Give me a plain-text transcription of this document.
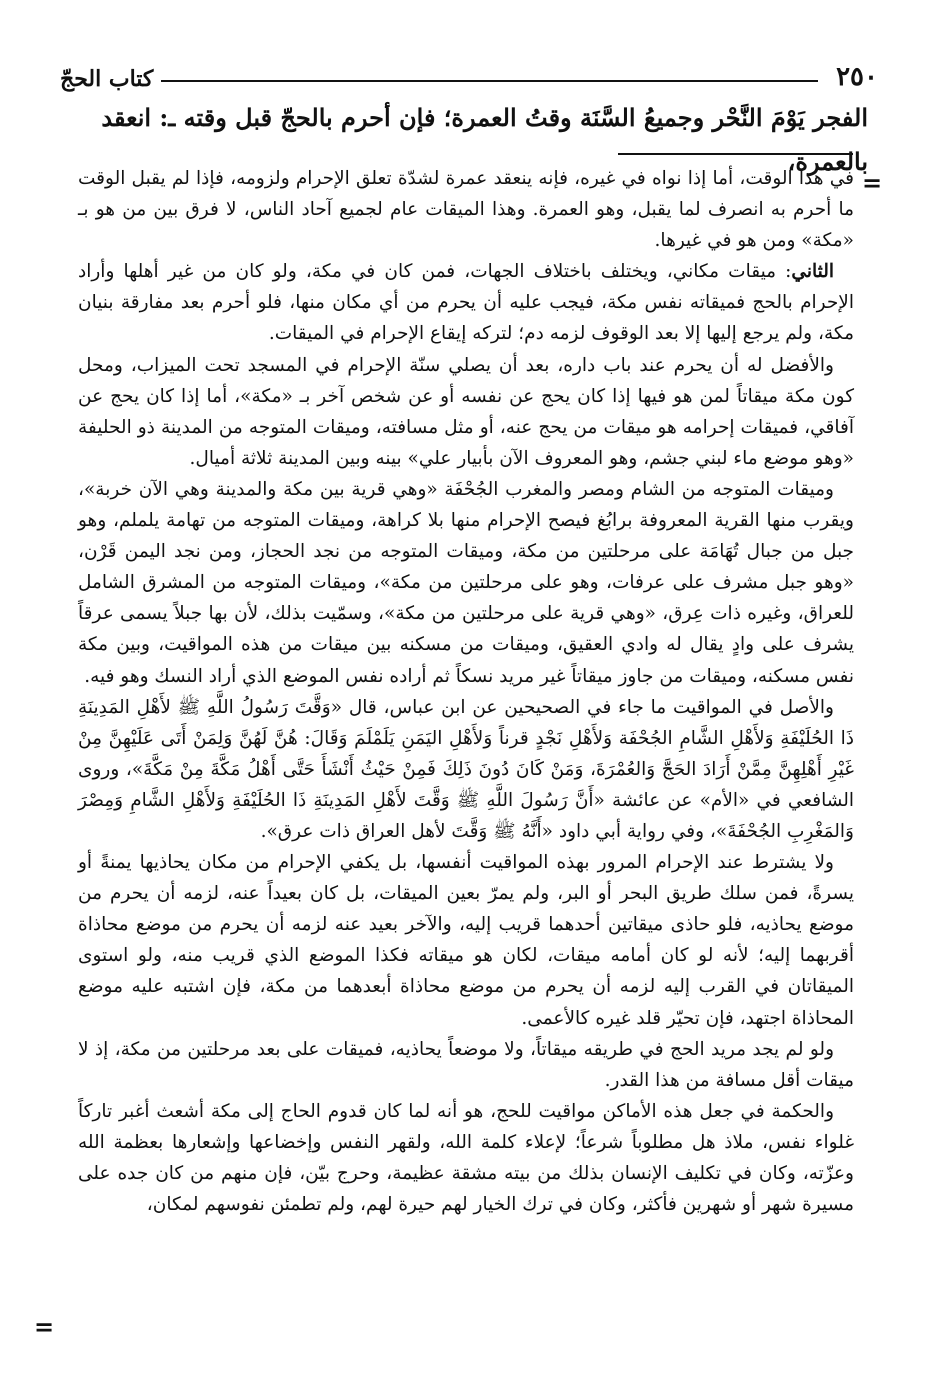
٢٥٠
كتاب الحجّ
الفجر يَوْمَ النَّحْر وجميعُ السَّنَة وقتُ العمرة؛ فإن أحرم بالحجّ قبل وقته ـ: انعقد بالعمرة،
=

في هذا الوقت، أما إذا نواه في غيره، فإنه ينعقد عمرة لشدّة تعلق الإحرام ولزومه، فإذا لم يقبل الوقت ما أحرم به انصرف لما يقبل، وهو العمرة. وهذا الميقات عام لجميع آحاد الناس، لا فرق بين من هو بـ «مكة» ومن هو في غيرها.

الثاني: ميقات مكاني، ويختلف باختلاف الجهات، فمن كان في مكة، ولو كان من غير أهلها وأراد الإحرام بالحج فميقاته نفس مكة، فيجب عليه أن يحرم من أي مكان منها، فلو أحرم بعد مفارقة بنيان مكة، ولم يرجع إليها إلا بعد الوقوف لزمه دم؛ لتركه إيقاع الإحرام في الميقات.

والأفضل له أن يحرم عند باب داره، بعد أن يصلي سنّة الإحرام في المسجد تحت الميزاب، ومحل كون مكة ميقاتاً لمن هو فيها إذا كان يحج عن نفسه أو عن شخص آخر بـ «مكة»، أما إذا كان يحج عن آفاقي، فميقات إحرامه هو ميقات من يحج عنه، أو مثل مسافته، وميقات المتوجه من المدينة ذو الحليفة «وهو موضع ماء لبني جشم، وهو المعروف الآن بأبيار علي» بينه وبين المدينة ثلاثة أميال.

وميقات المتوجه من الشام ومصر والمغرب الجُحْفَة «وهي قرية بين مكة والمدينة وهي الآن خربة»، ويقرب منها القرية المعروفة برابُغ فيصح الإحرام منها بلا كراهة، وميقات المتوجه من تهامة يلملم، وهو جبل من جبال تُهَامَة على مرحلتين من مكة، وميقات المتوجه من نجد الحجاز، ومن نجد اليمن قَرْن، «وهو جبل مشرف على عرفات، وهو على مرحلتين من مكة»، وميقات المتوجه من المشرق الشامل للعراق، وغيره ذات عِرق، «وهي قرية على مرحلتين من مكة»، وسمّيت بذلك، لأن بها جبلاً يسمى عرقاً يشرف على وادٍ يقال له وادي العقيق، وميقات من مسكنه بين ميقات من هذه المواقيت، وبين مكة نفس مسكنه، وميقات من جاوز ميقاتاً غير مريد نسكاً ثم أراده نفس الموضع الذي أراد النسك وهو فيه.

والأصل في المواقيت ما جاء في الصحيحين عن ابن عباس، قال «وَقَّتَ رَسُولُ اللَّهِ ﷺ لأَهْلِ المَدِينَةِ ذَا الحُلَيْفَةِ وَلأَهْلِ الشَّامِ الجُحْفَة وَلأَهْلِ نَجْدٍ قرناً وَلأَهْلِ اليَمَنِ يَلَمْلَمَ وَقَالَ: هُنَّ لَهُنَّ وَلِمَنْ أَتَى عَلَيْهِنَّ مِنْ غَيْرِ أَهْلِهِنَّ مِمَّنْ أَرَادَ الحَجَّ وَالعُمْرَةَ، وَمَنْ كَانَ دُونَ ذَلِكَ فَمِنْ حَيْثُ أَنْشَأَ حَتَّى أَهْلُ مَكَّةَ مِنْ مَكَّةَ»، وروى الشافعي في «الأم» عن عائشة «أَنَّ رَسُولَ اللَّهِ ﷺ وَقَّتَ لأَهْلِ المَدِينَةِ ذَا الحُلَيْفَةِ وَلأَهْلِ الشَّامِ وَمِصْرَ وَالمَغْرِبِ الجُحْفَةَ»، وفي رواية أبي داود «أَنَّهُ ﷺ وَقَّتَ لأهل العراق ذات عرق».

ولا يشترط عند الإحرام المرور بهذه المواقيت أنفسها، بل يكفي الإحرام من مكان يحاذيها يمنةً أو يسرةً، فمن سلك طريق البحر أو البر، ولم يمرّ بعين الميقات، بل كان بعيداً عنه، لزمه أن يحرم من موضع يحاذيه، فلو حاذى ميقاتين أحدهما قريب إليه، والآخر بعيد عنه لزمه أن يحرم من موضع محاذاة أقربهما إليه؛ لأنه لو كان أمامه ميقات، لكان هو ميقاته فكذا الموضع الذي قريب منه، ولو استوى الميقاتان في القرب إليه لزمه أن يحرم من موضع محاذاة أبعدهما من مكة، فإن اشتبه عليه موضع المحاذاة اجتهد، فإن تحيّر قلد غيره كالأعمى.

ولو لم يجد مريد الحج في طريقه ميقاتاً، ولا موضعاً يحاذيه، فميقات على بعد مرحلتين من مكة، إذ لا ميقات أقل مسافة من هذا القدر.

والحكمة في جعل هذه الأماكن مواقيت للحج، هو أنه لما كان قدوم الحاج إلى مكة أشعث أغبر تاركاً غلواء نفس، ملاذ هل مطلوباً شرعاً؛ لإعلاء كلمة الله، ولقهر النفس وإخضاعها وإشعارها بعظمة الله وعزّته، وكان في تكليف الإنسان بذلك من بيته مشقة عظيمة، وحرج بيّن، فإن منهم من كان جده على مسيرة شهر أو شهرين فأكثر، وكان في ترك الخيار لهم حيرة لهم، ولم تطمئن نفوسهم لمكان،

=
